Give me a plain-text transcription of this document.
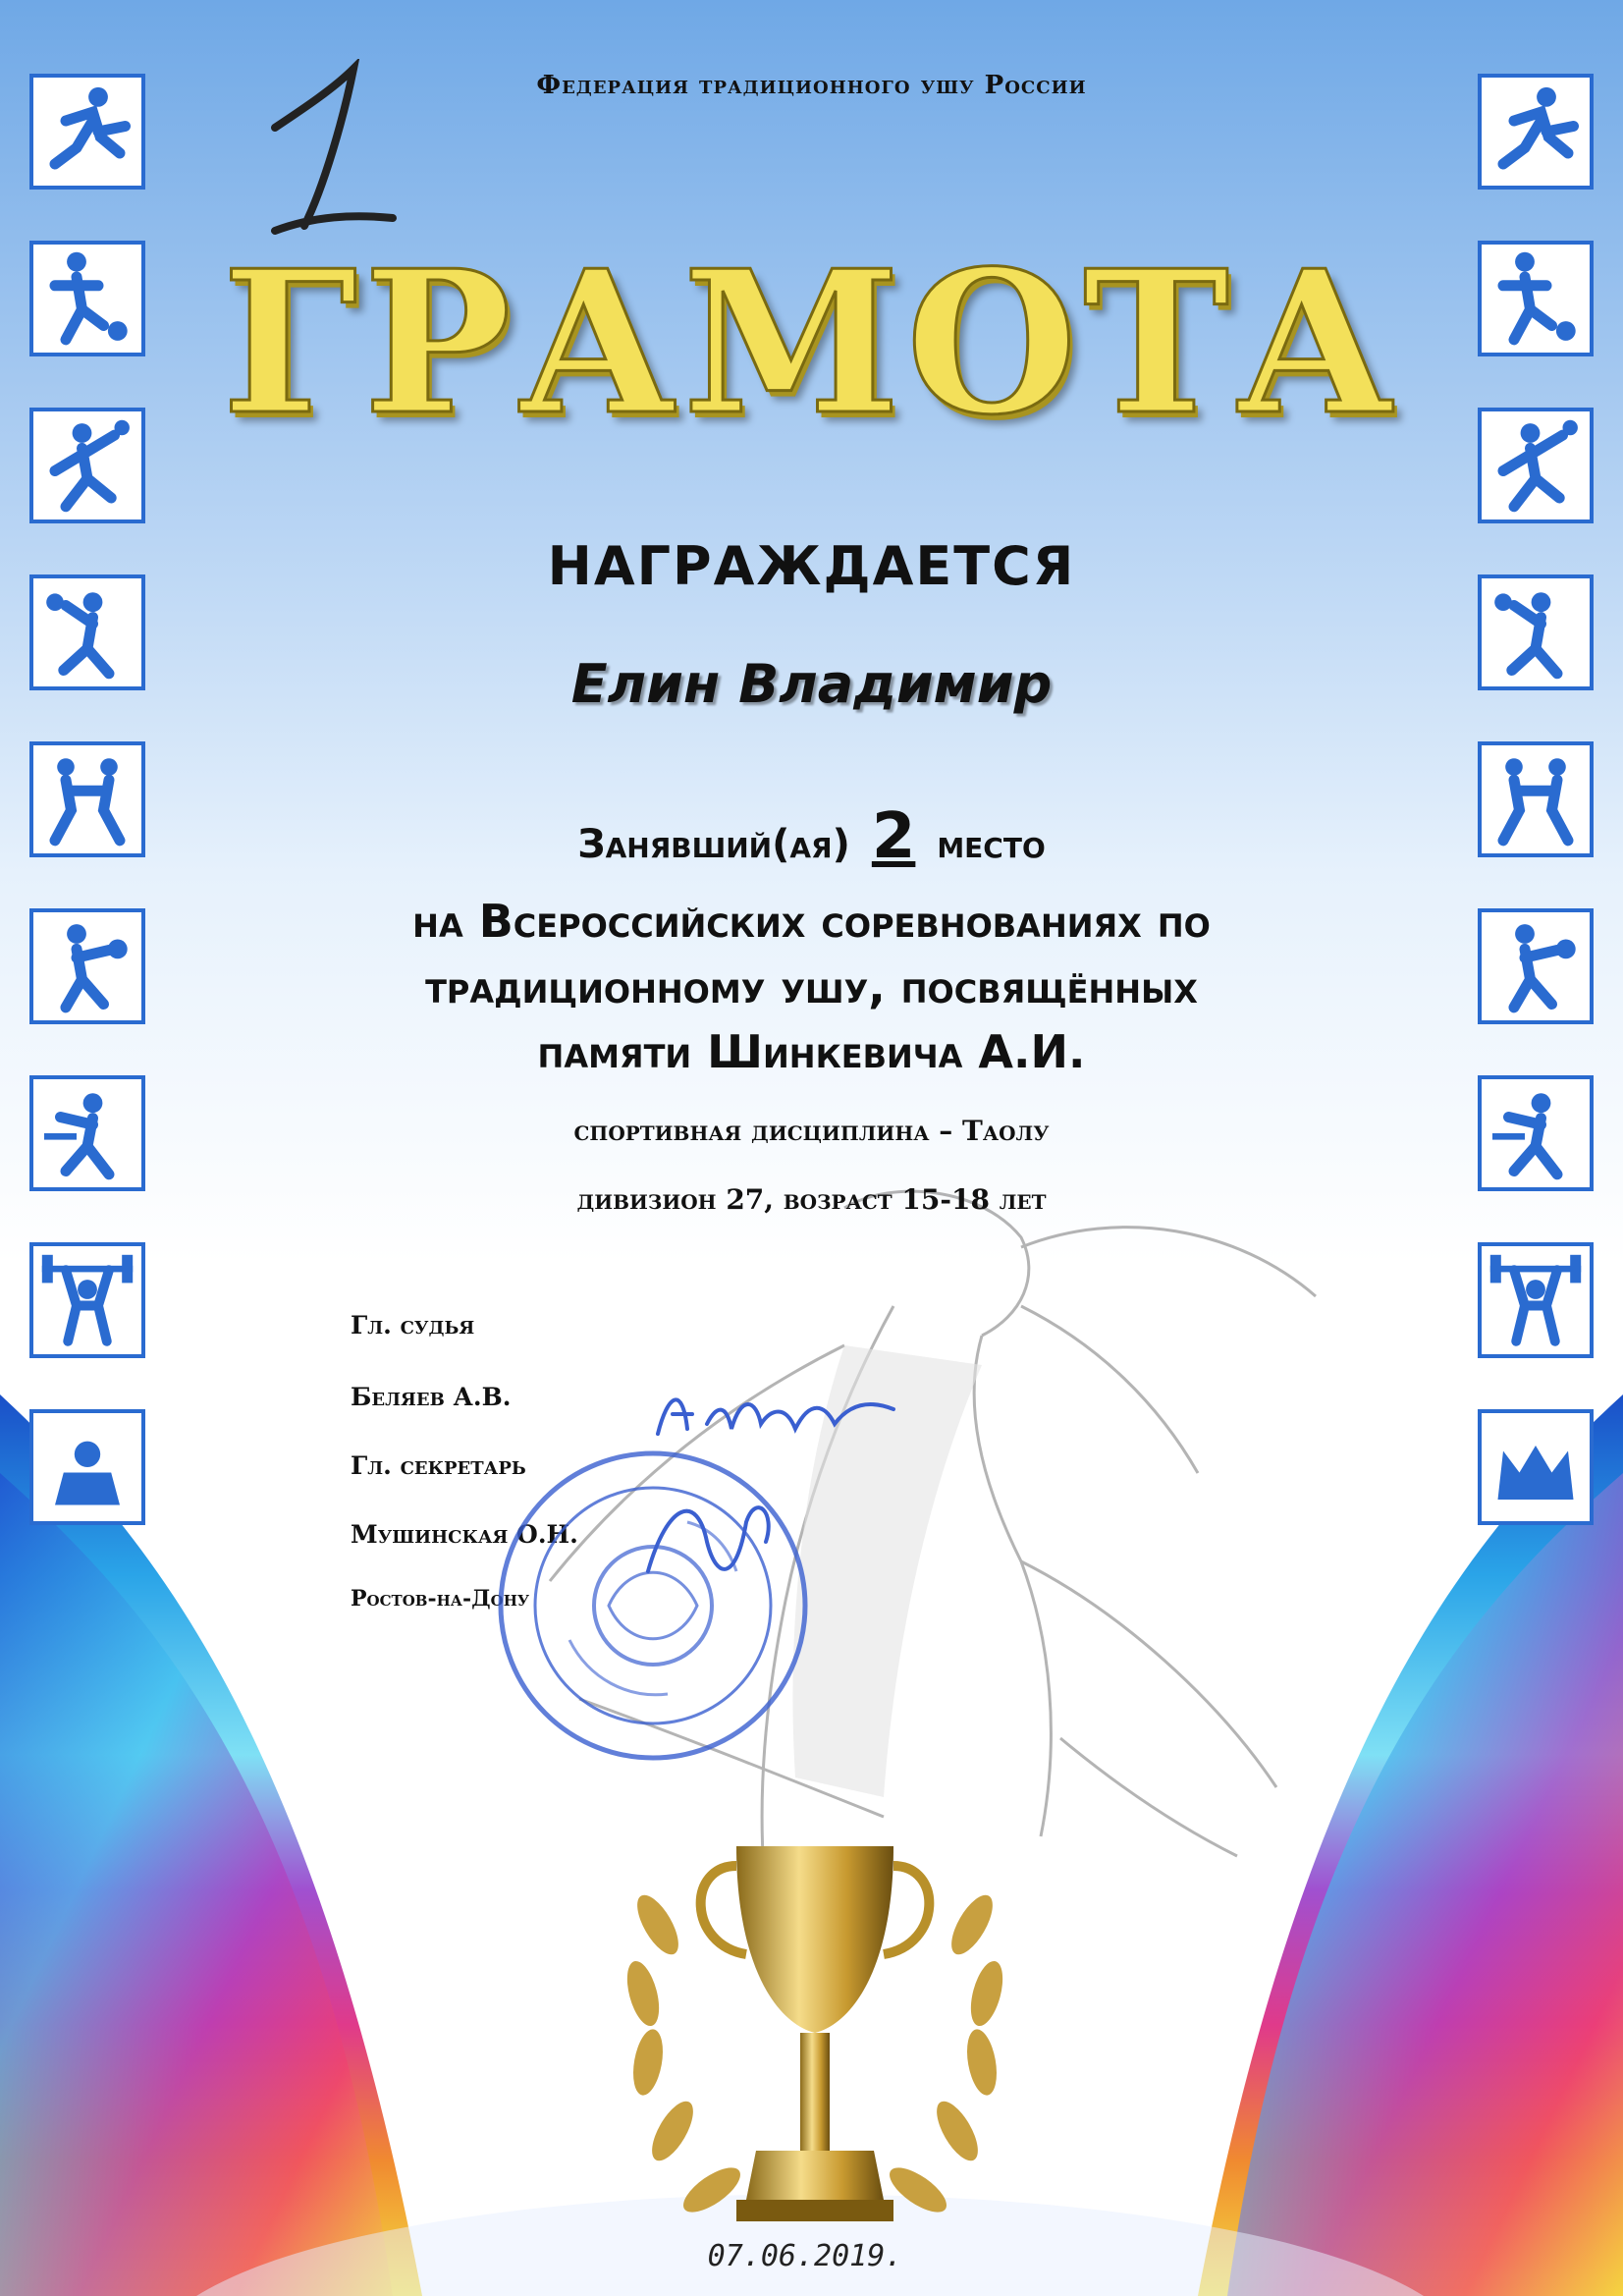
Федерация традиционного ушу России

ГРАМОТА

НАГРАЖДАЕТСЯ

Елин Владимир

Занявший(ая) 2 место

на Всероссийских соревнованиях по
традиционному ушу, посвящённых
памяти Шинкевича А.И.

спортивная дисциплина – Таолу

дивизион 27, возраст 15-18 лет

Гл. судья

Беляев А.В.

Гл. секретарь

Мушинская О.Н.

Ростов-на-Дону

07.06.2019.
